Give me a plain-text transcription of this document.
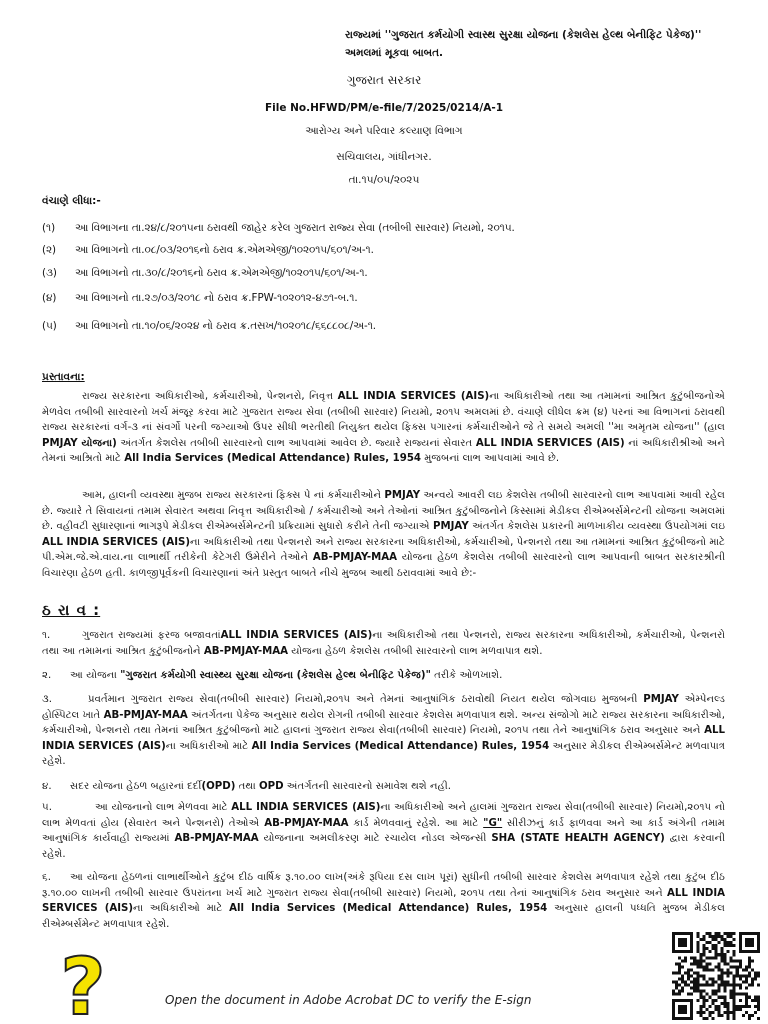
રાજ્યમાં ''ગુજરાત કર્મયોગી સ્વાસ્થ સુરક્ષા યોજના (કેશલેસ હેલ્થ બેનીફિટ પેકેજ)'' અમલમાં મૂકવા બાબત.
ગુજરાત સરકાર
File No.HFWD/PM/e-file/7/2025/0214/A-1
આરોગ્ય અને પરિવાર કલ્યાણ વિભાગ
સચિવાલય, ગાંધીનગર.
તા.૧૫/૦૫/૨૦૨૫
વંચાણે લીધા:-
(૧) આ વિભાગના તા.૨૪/૮/૨૦૧૫ના ઠરાવથી જાહેર કરેલ ગુજરાત રાજ્ય સેવા (તબીબી સારવાર) નિયમો, ૨૦૧૫.
(૨) આ વિભાગનો તા.૦૮/૦૩/૨૦૧૬નો ઠરાવ ક્ર.એમએજી/૧૦૨૦૧૫/૬૦૧/અ-૧.
(૩) આ વિભાગનો તા.૩૦/૮/૨૦૧૬નો ઠરાવ ક્ર.એમએજી/૧૦૨૦૧૫/૬૦૧/અ-૧.
(૪) આ વિભાગનો તા.૨૭/૦૩/૨૦૧૮ નો ઠરાવ ક્ર.FPW-૧૦૨૦૧૨-૪૭૧-બ.૧.
(૫) આ વિભાગનો તા.૧૦/૦૬/૨૦૨૪ નો ઠરાવ ક્ર.તસખ/૧૦૨૦૧૮/૬૬૮૮૦૮/અ-૧.
પ્રસ્તાવના:
રાજ્ય સરકારના અધિકારીઓ, કર્મચારીઓ, પેન્શનરો, નિવૃત્ત ALL INDIA SERVICES (AIS)ના અધિકારીઓ તથા આ તમામનાં આશ્રિત કુટુંબીજનોએ મેળવેલ તબીબી સારવારનો ખર્ચ મંજૂર કરવા માટે ગુજરાત રાજ્ય સેવા (તબીબી સારવાર) નિયમો, ૨૦૧૫ અમલમાં છે. વંચાણે લીધેલ ક્રમ (૪) પરનાં આ વિભાગનાં ઠરાવથી રાજ્ય સરકારનાં વર્ગ-૩ નાં સંવર્ગો પરની જગ્યાઓ ઉપર સીધી ભરતીથી નિયુક્ત થયેલ ફિક્સ પગારનાં કર્મચારીઓને જે તે સમયે અમલી ''મા અમૃતમ યોજના'' (હાલ PMJAY યોજના) અંતર્ગત કેશલેસ તબીબી સારવારનો લાભ આપવામાં આવેલ છે. જ્યારે રાજ્યનાં સેવારત ALL INDIA SERVICES (AIS) નાં અધિકારીશ્રીઓ અને તેમનાં આશ્રિતો માટે All India Services (Medical Attendance) Rules, 1954 મુજબનાં લાભ આપવામાં આવે છે.
આમ, હાલની વ્યવસ્થા મુજબ રાજ્ય સરકારનાં ફિક્સ પે નાં કર્મચારીઓને PMJAY અન્વયે આવરી લઇ કેશલેસ તબીબી સારવારનો લાભ આપવામાં આવી રહેલ છે. જ્યારે તે સિવાયનાં તમામ સેવારત અથવા નિવૃત્ત અધિકારીઓ / કર્મચારીઓ અને તેઓનાં આશ્રિત કુટુંબીજનોને કિસ્સામાં મેડીકલ રીએમ્બર્સમેન્ટની યોજના અમલમાં છે. વહીવટી સુધારણાનાં ભાગરૂપે મેડીકલ રીએમ્બર્સમેન્ટની પ્રક્રિયામાં સુધારો કરીને તેની જગ્યાએ PMJAY અંતર્ગત કેશલેસ પ્રકારની માળખાકીય વ્યવસ્થા ઉપયોગમાં લઇ ALL INDIA SERVICES (AIS)ના અધિકારીઓ તથા પેન્શનરો અને રાજ્ય સરકારના અધિકારીઓ, કર્મચારીઓ, પેન્શનરો તથા આ તમામનાં આશ્રિત કુટુંબીજનો માટે પી.એમ.જે.એ.વાય.ના લાભાર્થી તરીકેની કેટેગરી ઉમેરીને તેઓને AB-PMJAY-MAA યોજના હેઠળ કેશલેસ તબીબી સારવારનો લાભ આપવાની બાબત સરકારશ્રીની વિચારણા હેઠળ હતી. કાળજીપૂર્વકની વિચારણાનાં અંતે પ્રસ્તુત બાબતે નીચે મુજબ આથી ઠરાવવામાં આવે છે:-
ઠ રા વ :
૧.	ગુજરાત રાજ્યમાં ફરજ બજાવતાંALL INDIA SERVICES (AIS)ના અધિકારીઓ તથા પેન્શનરો, રાજ્ય સરકારના અધિકારીઓ, કર્મચારીઓ, પેન્શનરો તથા આ તમામનાં આશ્રિત કુટુંબીજનોને AB-PMJAY-MAA યોજના હેઠળ કેશલેસ તબીબી સારવારનો લાભ મળવાપાત્ર થશે.
૨. આ યોજના "ગુજરાત કર્મયોગી સ્વાસ્થ્ય સુરક્ષા યોજના (કેશલેસ હેલ્થ બેનીફિટ પેકેજ)" તરીકે ઓળખાશે.
૩.	પ્રવર્તમાન ગુજરાત રાજ્ય સેવા(તબીબી સારવાર) નિયમો,૨૦૧૫ અને તેમનાં આનુષાંગિક ઠરાવોથી નિયત થયેલ જોગવાઇ મુજબની PMJAY એમ્પેનલ્ડ હોસ્પિટલ ખાતે AB-PMJAY-MAA અંતર્ગતના પેકેજ અનુસાર થયેલ રોગની તબીબી સારવાર કેશલેસ મળવાપાત્ર થશે. અન્ય સંજોગો માટે રાજ્ય સરકારના અધિકારીઓ, કર્મચારીઓ, પેન્શનરો તથા તેમનાં આશ્રિત કુટુંબીજનો માટે હાલનાં ગુજરાત રાજ્ય સેવા(તબીબી સારવાર) નિયમો, ૨૦૧૫ તથા તેને આનુષાંગિક ઠરાવ અનુસાર અને ALL INDIA SERVICES (AIS)ના અધિકારીઓ માટે All India Services (Medical Attendance) Rules, 1954 અનુસાર મેડીકલ રીએમ્બર્સમેન્ટ મળવાપાત્ર રહેશે.
૪. સદર યોજના હેઠળ બહારનાં દર્દી(OPD) તથા OPD અંતર્ગતની સારવારનો સમાવેશ થશે નહી.
૫.	આ યોજનાનો લાભ મેળવવા માટે ALL INDIA SERVICES (AIS)ના અધિકારીઓ અને હાલમાં ગુજરાત રાજ્ય સેવા(તબીબી સારવાર) નિયમો,૨૦૧૫ નો લાભ મેળવતાં હોય (સેવારત અને પેન્શનરો) તેઓએ AB-PMJAY-MAA કાર્ડ મેળવવાનું રહેશે. આ માટે "G" સીરીઝનું કાર્ડ ફાળવવા અને આ કાર્ડ અંગેની તમામ આનુષાંગિક કાર્યવાહી રાજ્યમાં AB-PMJAY-MAA યોજનાના અમલીકરણ માટે રચાયેલ નોડલ એજન્સી SHA (STATE HEALTH AGENCY) દ્વારા કરવાની રહેશે.
૬. આ યોજના હેઠળનાં લાભાર્થીઓને કુટુંબ દીઠ વાર્ષિક રૂ.૧૦.૦૦ લાખ(અંકે રૂપિયા દસ લાખ પૂરાં) સુધીની તબીબી સારવાર કેશલેસ મળવાપાત્ર રહેશે તથા કુટુંબ દીઠ રૂ.૧૦.૦૦ લાખની તબીબી સારવાર ઉપરાંતના ખર્ચ માટે ગુજરાત રાજ્ય સેવા(તબીબી સારવાર) નિયમો, ૨૦૧૫ તથા તેનાં આનુષાંગિક ઠરાવ અનુસાર અને ALL INDIA SERVICES (AIS)ના અધિકારીઓ માટે All India Services (Medical Attendance) Rules, 1954 અનુસાર હાલની પધ્ધતિ મુજબ મેડીકલ રીએમ્બર્સમેન્ટ મળવાપાત્ર રહેશે.
?	Open the document in Adobe Acrobat DC to verify the E-sign
